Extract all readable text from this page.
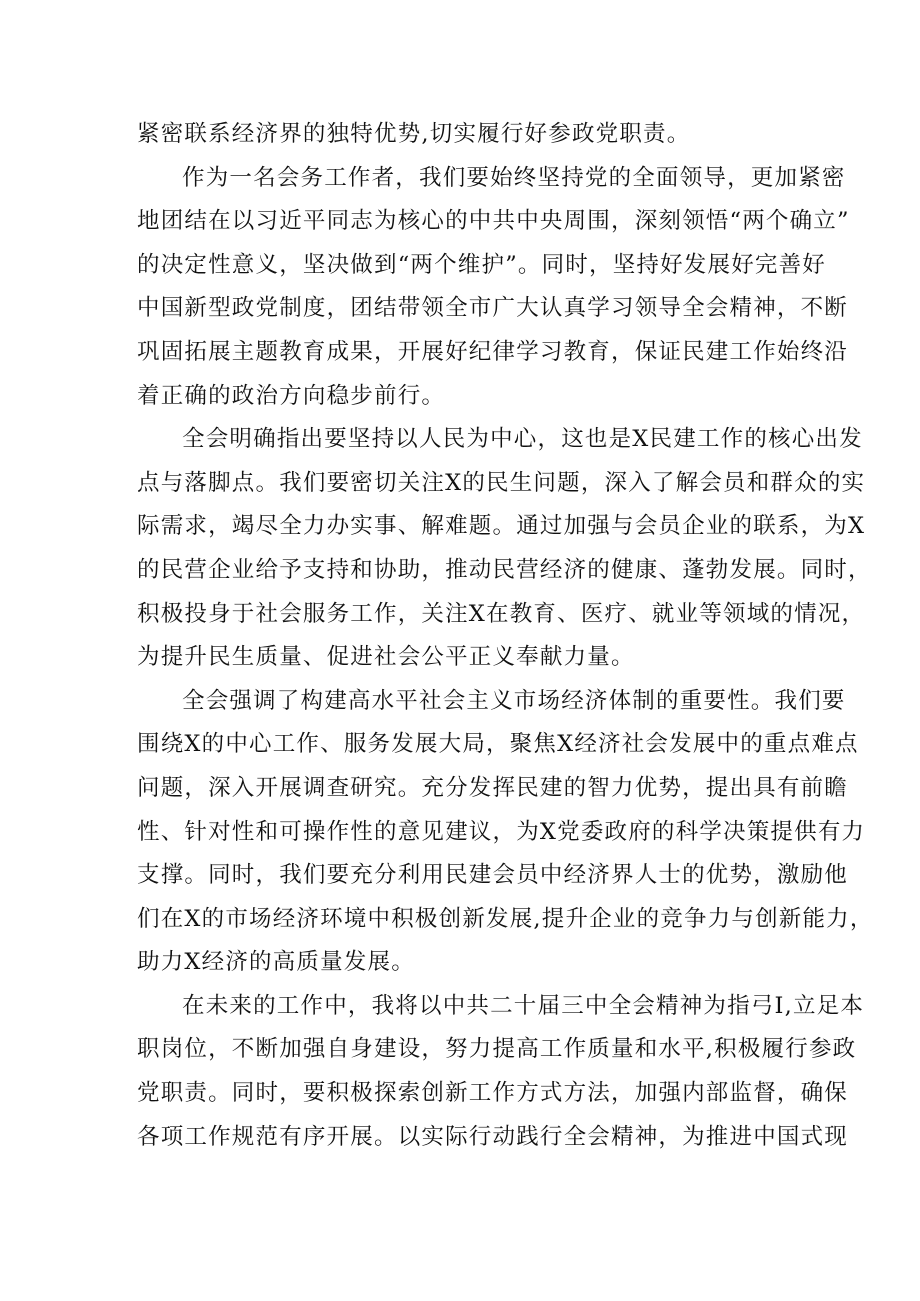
紧密联系经济界的独特优势,切实履行好参政党职责。
作为一名会务工作者，我们要始终坚持党的全面领导，更加紧密
地团结在以习近平同志为核心的中共中央周围，深刻领悟“两个确立”
的决定性意义，坚决做到“两个维护”。同时，坚持好发展好完善好
中国新型政党制度，团结带领全市广大认真学习领导全会精神，不断
巩固拓展主题教育成果，开展好纪律学习教育，保证民建工作始终沿
着正确的政治方向稳步前行。
全会明确指出要坚持以人民为中心，这也是X民建工作的核心出发
点与落脚点。我们要密切关注X的民生问题，深入了解会员和群众的实
际需求，竭尽全力办实事、解难题。通过加强与会员企业的联系，为X
的民营企业给予支持和协助，推动民营经济的健康、蓬勃发展。同时，
积极投身于社会服务工作，关注X在教育、医疗、就业等领域的情况，
为提升民生质量、促进社会公平正义奉献力量。
全会强调了构建高水平社会主义市场经济体制的重要性。我们要
围绕X的中心工作、服务发展大局，聚焦X经济社会发展中的重点难点
问题，深入开展调查研究。充分发挥民建的智力优势，提出具有前瞻
性、针对性和可操作性的意见建议，为X党委政府的科学决策提供有力
支撑。同时，我们要充分利用民建会员中经济界人士的优势，激励他
们在X的市场经济环境中积极创新发展,提升企业的竞争力与创新能力，
助力X经济的高质量发展。
在未来的工作中，我将以中共二十届三中全会精神为指弓I,立足本
职岗位，不断加强自身建设，努力提高工作质量和水平,积极履行参政
党职责。同时，要积极探索创新工作方式方法，加强内部监督，确保
各项工作规范有序开展。以实际行动践行全会精神，为推进中国式现
